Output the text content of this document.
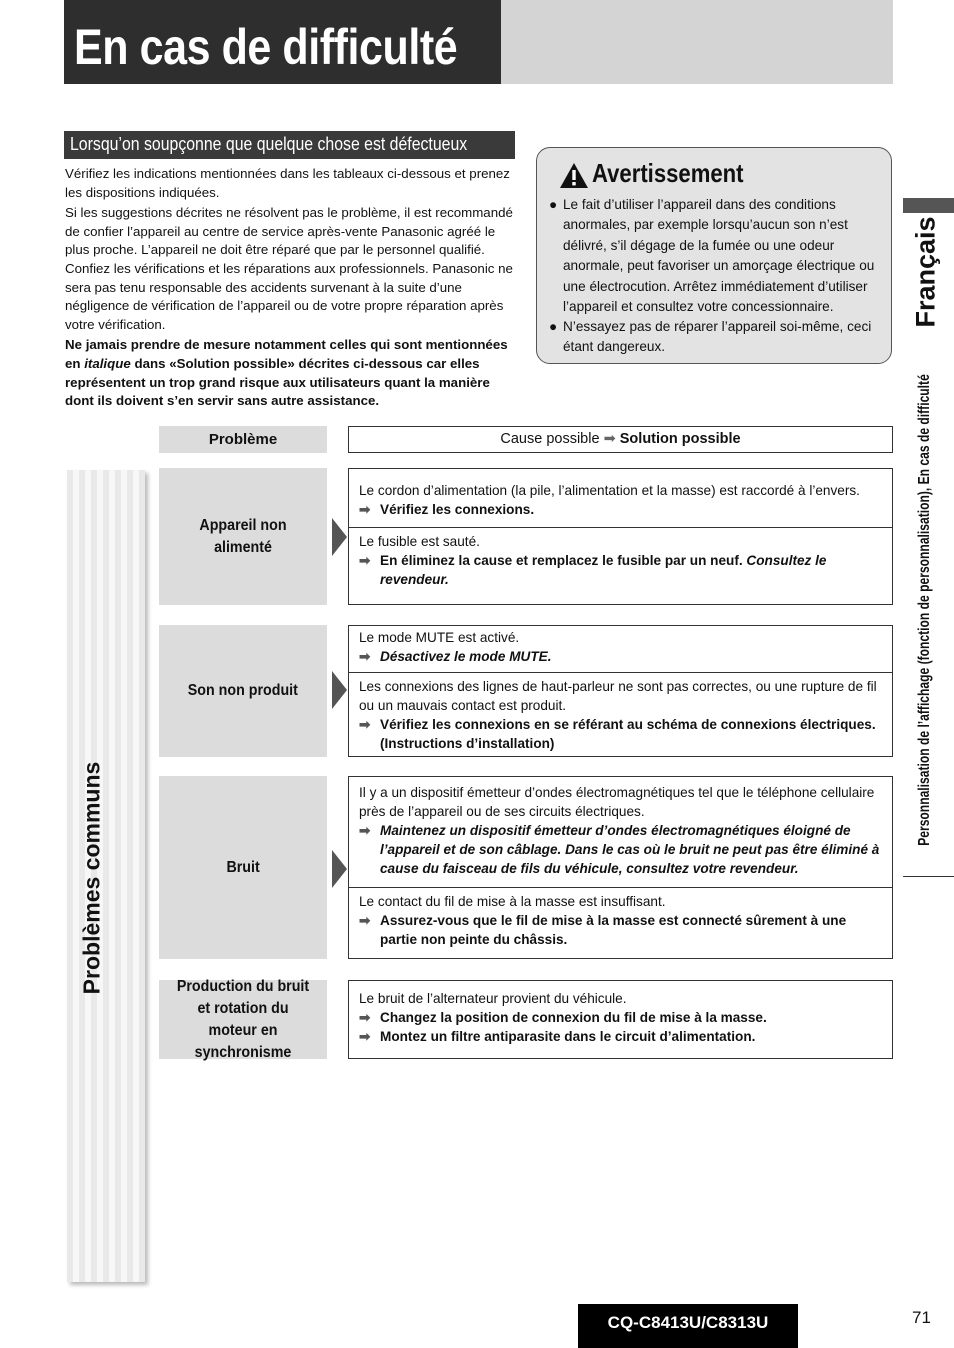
En cas de difficulté
Lorsqu’on soupçonne que quelque chose est défectueux

Vérifiez les indications mentionnées dans les tableaux ci-dessous et prenez les dispositions indiquées.

Si les suggestions décrites ne résolvent pas le problème, il est recommandé de confier l’appareil au centre de service après-vente Panasonic agréé le plus proche. L’appareil ne doit être réparé que par le personnel qualifié. Confiez les vérifications et les réparations aux professionnels. Panasonic ne sera pas tenu responsable des accidents survenant à la suite d’une négligence de vérification de l’appareil ou de votre propre réparation après votre vérification.

Ne jamais prendre de mesure notamment celles qui sont mentionnées en italique dans «Solution possible» décrites ci-dessous car elles représentent un trop grand risque aux utilisateurs quant la manière dont ils doivent s’en servir sans autre assistance.

Avertissement
● Le fait d’utiliser l’appareil dans des conditions anormales, par exemple lorsqu’aucun son n’est délivré, s’il dégage de la fumée ou une odeur anormale, peut favoriser un amorçage électrique ou une électrocution. Arrêtez immédiatement d’utiliser l’appareil et consultez votre concessionnaire.
● N’essayez pas de réparer l’appareil soi-même, ceci étant dangereux.
Français
Personnalisation de l’affichage (fonction de personnalisation), En cas de difficulté
Problème	Cause possible ➡ Solution possible
Problèmes communs
Appareil non alimenté
Le cordon d’alimentation (la pile, l’alimentation et la masse) est raccordé à l’envers.
➡ Vérifiez les connexions.
Le fusible est sauté.
➡ En éliminez la cause et remplacez le fusible par un neuf. Consultez le revendeur.
Son non produit
Le mode MUTE est activé.
➡ Désactivez le mode MUTE.
Les connexions des lignes de haut-parleur ne sont pas correctes, ou une rupture de fil ou un mauvais contact est produit.
➡ Vérifiez les connexions en se référant au schéma de connexions électriques. (Instructions d’installation)
Bruit
Il y a un dispositif émetteur d’ondes électromagnétiques tel que le téléphone cellulaire près de l’appareil ou de ses circuits électriques.
➡ Maintenez un dispositif émetteur d’ondes électromagnétiques éloigné de l’appareil et de son câblage. Dans le cas où le bruit ne peut pas être éliminé à cause du faisceau de fils du véhicule, consultez votre revendeur.
Le contact du fil de mise à la masse est insuffisant.
➡ Assurez-vous que le fil de mise à la masse est connecté sûrement à une partie non peinte du châssis.
Production du bruit et rotation du moteur en synchronisme
Le bruit de l’alternateur provient du véhicule.
➡ Changez la position de connexion du fil de mise à la masse.
➡ Montez un filtre antiparasite dans le circuit d’alimentation.
CQ-C8413U/C8313U	71
